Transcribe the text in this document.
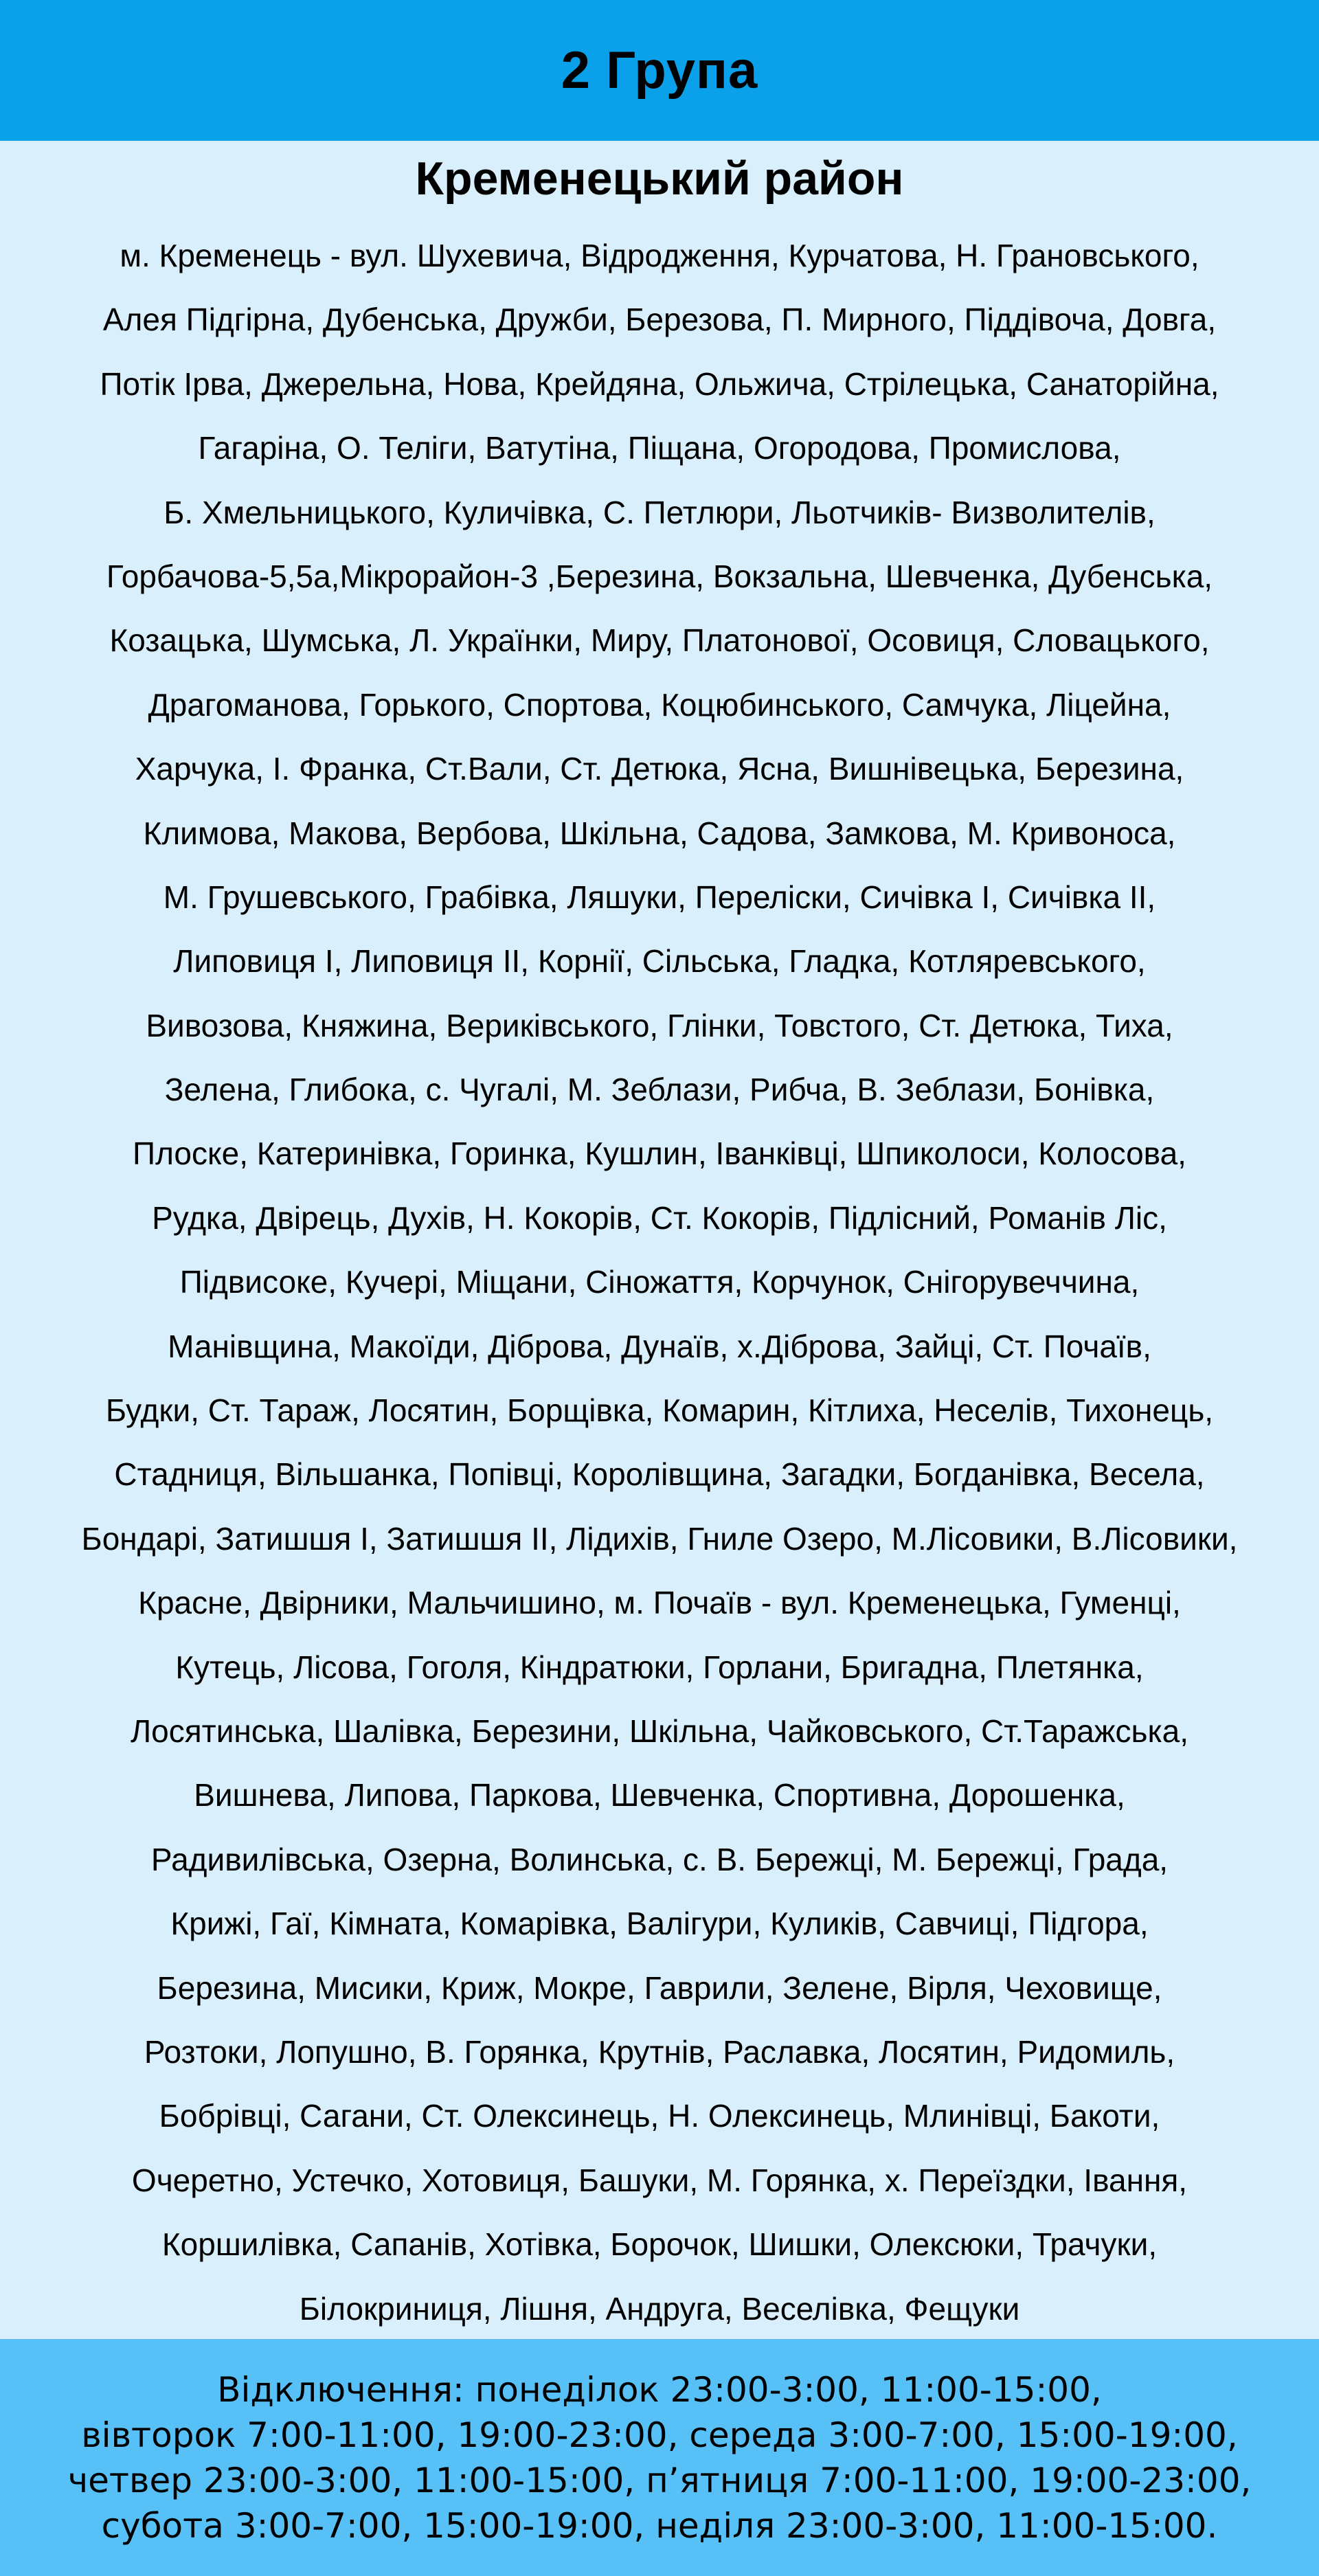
2 Група
Кременецький район
м. Кременець - вул. Шухевича, Відродження, Курчатова, Н. Грановського,
Алея Підгірна, Дубенська, Дружби, Березова, П. Мирного, Піддівоча, Довга,
Потік Ірва, Джерельна, Нова, Крейдяна, Ольжича, Стрілецька, Санаторійна,
Гагаріна, О. Теліги, Ватутіна, Піщана, Огородова, Промислова,
Б. Хмельницького, Куличівка, С. Петлюри, Льотчиків- Визволителів,
Горбачова-5,5а,Мікрорайон-3 ,Березина, Вокзальна, Шевченка, Дубенська,
Козацька, Шумська, Л. Українки, Миру, Платонової, Осовиця, Словацького,
Драгоманова, Горького, Спортова, Коцюбинського, Самчука, Ліцейна,
Харчука, І. Франка, Ст.Вали, Ст. Детюка, Ясна, Вишнівецька, Березина,
Климова, Макова, Вербова, Шкільна, Садова, Замкова, М. Кривоноса,
М. Грушевського, Грабівка, Ляшуки, Переліски, Сичівка I, Сичівка II,
Липовиця I, Липовиця II, Корнії, Сільська, Гладка, Котляревського,
Вивозова, Княжина, Вериківського, Глінки, Товстого, Ст. Детюка, Тиха,
Зелена, Глибока, с. Чугалі, М. Зеблази, Рибча, В. Зеблази, Бонівка,
Плоске, Катеринівка, Горинка, Кушлин, Іванківці, Шпиколоси, Колосова,
Рудка, Двірець, Духів, Н. Кокорів, Ст. Кокорів, Підлісний, Романів Ліс,
Підвисоке, Кучері, Міщани, Сіножаття, Корчунок, Снігорувеччина,
Манівщина, Макоїди, Діброва, Дунаїв, х.Діброва, Зайці, Ст. Почаїв,
Будки, Ст. Тараж, Лосятин, Борщівка, Комарин, Кітлиха, Неселів, Тихонець,
Стадниця, Вільшанка, Попівці, Королівщина, Загадки, Богданівка, Весела,
Бондарі, Затишшя I, Затишшя II, Лідихів, Гниле Озеро, М.Лісовики, В.Лісовики,
Красне, Двірники, Мальчишино, м. Почаїв - вул. Кременецька, Гуменці,
Кутець, Лісова, Гоголя, Кіндратюки, Горлани, Бригадна, Плетянка,
Лосятинська, Шалівка, Березини, Шкільна, Чайковського, Ст.Таражська,
Вишнева, Липова, Паркова, Шевченка, Спортивна, Дорошенка,
Радивилівська, Озерна, Волинська, с. В. Бережці, М. Бережці, Града,
Крижі, Гаї, Кімната, Комарівка, Валігури, Куликів, Савчиці, Підгора,
Березина, Мисики, Криж, Мокре, Гаврили, Зелене, Вірля, Чеховище,
Розтоки, Лопушно, В. Горянка, Крутнів, Раславка, Лосятин, Ридомиль,
Бобрівці, Сагани, Ст. Олексинець, Н. Олексинець, Млинівці, Бакоти,
Очеретно, Устечко, Хотовиця, Башуки, М. Горянка, х. Переїздки, Івання,
Коршилівка, Сапанів, Хотівка, Борочок, Шишки, Олексюки, Трачуки,
Білокриниця, Лішня, Андруга, Веселівка, Фещуки
Відключення: понеділок 23:00-3:00, 11:00-15:00,
вівторок 7:00-11:00, 19:00-23:00, середа 3:00-7:00, 15:00-19:00,
четвер 23:00-3:00, 11:00-15:00, п’ятниця 7:00-11:00, 19:00-23:00,
субота 3:00-7:00, 15:00-19:00, неділя 23:00-3:00, 11:00-15:00.
